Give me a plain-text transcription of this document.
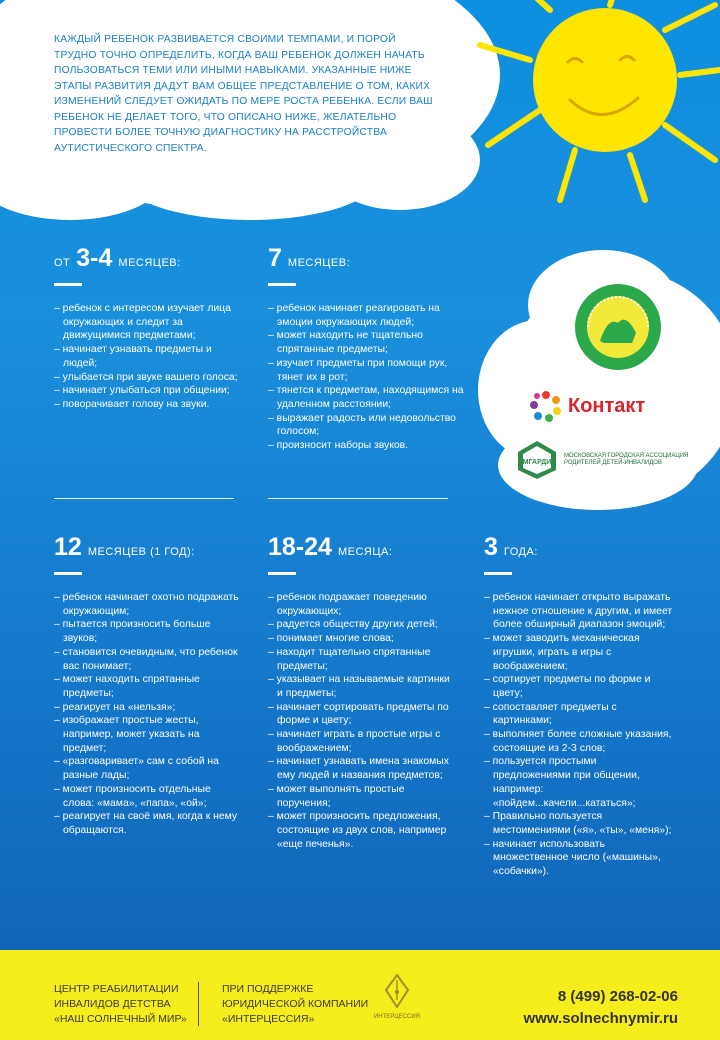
КАЖДЫЙ РЕБЕНОК РАЗВИВАЕТСЯ СВОИМИ ТЕМПАМИ, И ПОРОЙ ТРУДНО ТОЧНО ОПРЕДЕЛИТЬ, КОГДА ВАШ РЕБЕНОК ДОЛЖЕН НАЧАТЬ ПОЛЬЗОВАТЬСЯ ТЕМИ ИЛИ ИНЫМИ НАВЫКАМИ. УКАЗАННЫЕ НИЖЕ ЭТАПЫ РАЗВИТИЯ ДАДУТ ВАМ ОБЩЕЕ ПРЕДСТАВЛЕНИЕ О ТОМ, КАКИХ ИЗМЕНЕНИЙ СЛЕДУЕТ ОЖИДАТЬ ПО МЕРЕ РОСТА РЕБЕНКА. ЕСЛИ ВАШ РЕБЕНОК НЕ ДЕЛАЕТ ТОГО, ЧТО ОПИСАНО НИЖЕ, ЖЕЛАТЕЛЬНО ПРОВЕСТИ БОЛЕЕ ТОЧНУЮ ДИАГНОСТИКУ НА РАССТРОЙСТВА АУТИСТИЧЕСКОГО СПЕКТРА.

Контакт
МГАРДИ
МОСКОВСКАЯ ГОРОДСКАЯ АССОЦИАЦИЯ РОДИТЕЛЕЙ ДЕТЕЙ-ИНВАЛИДОВ
ОТ 3-4 МЕСЯЦЕВ:
– ребенок с интересом изучает лица окружающих и следит за движущимися предметами;
– начинает узнавать предметы и людей;
– улыбается при звуке вашего голоса;
– начинает улыбаться при общении;
– поворачивает голову на звуки.
7 МЕСЯЦЕВ:
– ребенок начинает реагировать на эмоции окружающих людей;
– может находить не тщательно спрятанные предметы;
– изучает предметы при помощи рук, тянет их в рот;
– тянется к предметам, находящимся на удаленном расстоянии;
– выражает радость или недовольство голосом;
– произносит наборы звуков.
12 МЕСЯЦЕВ (1 ГОД):
– ребенок начинает охотно подражать окружающим;
– пытается произносить больше звуков;
– становится очевидным, что ребенок вас понимает;
– может находить спрятанные предметы;
– реагирует на «нельзя»;
– изображает простые жесты, например, может указать на предмет;
– «разговаривает» сам с собой на разные лады;
– может произносить отдельные слова: «мама», «папа», «ой»;
– реагирует на своё имя, когда к нему обращаются.
18-24 МЕСЯЦА:
– ребенок подражает поведению окружающих;
– радуется обществу других детей;
– понимает многие слова;
– находит тщательно спрятанные предметы;
– указывает на называемые картинки и предметы;
– начинает сортировать предметы по форме и цвету;
– начинает играть в простые игры с воображением;
– начинает узнавать имена знакомых ему людей и названия предметов;
– может выполнять простые поручения;
– может произносить предложения, состоящие из двух слов, например «еще печенья».
3 ГОДА:
– ребенок начинает открыто выражать нежное отношение к другим, и имеет более обширный диапазон эмоций;
– может заводить механическая игрушки, играть в игры с воображением;
– сортирует предметы по форме и цвету;
– сопоставляет предметы с картинками;
– выполняет более сложные указания, состоящие из 2-3 слов;
– пользуется простыми предложениями при общении, например: «пойдем...качели...кататься»;
– Правильно пользуется местоимениями («я», «ты», «меня»);
– начинает использовать множественное число («машины», «собачки»).
ЦЕНТР РЕАБИЛИТАЦИИ
ИНВАЛИДОВ ДЕТСТВА
«НАШ СОЛНЕЧНЫЙ МИР»
ПРИ ПОДДЕРЖКЕ
ЮРИДИЧЕСКОЙ КОМПАНИИ
«ИНТЕРЦЕССИЯ»	ИНТЕРЦЕССИЯ
8 (499) 268-02-06
www.solnechnymir.ru
